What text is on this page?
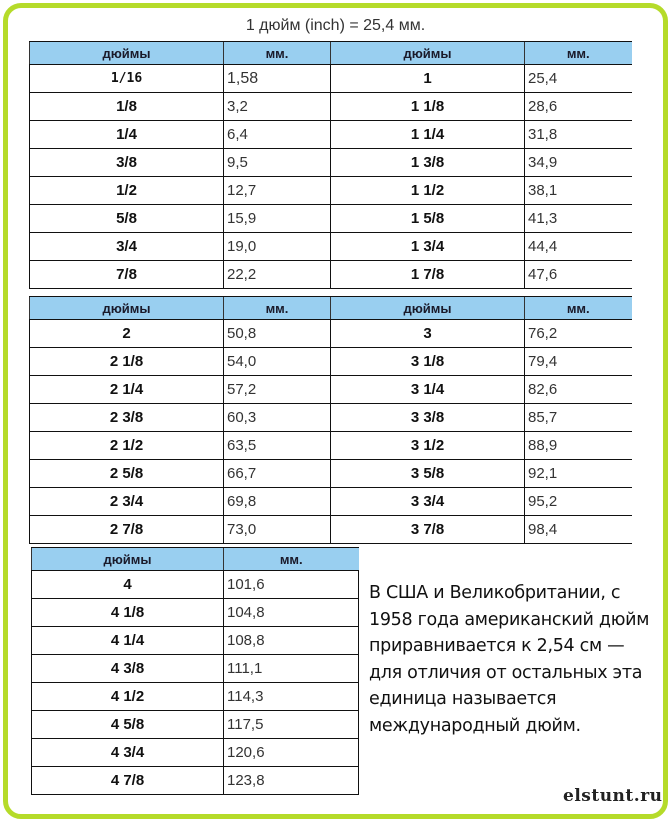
1 дюйм (inch) = 25,4 мм.
дюймы	мм.	дюймы	мм.
1/16	1,58	1	25,4
1/8	3,2	1 1/8	28,6
1/4	6,4	1 1/4	31,8
3/8	9,5	1 3/8	34,9
1/2	12,7	1 1/2	38,1
5/8	15,9	1 5/8	41,3
3/4	19,0	1 3/4	44,4
7/8	22,2	1 7/8	47,6
дюймы	мм.	дюймы	мм.
2	50,8	3	76,2
2 1/8	54,0	3 1/8	79,4
2 1/4	57,2	3 1/4	82,6
2 3/8	60,3	3 3/8	85,7
2 1/2	63,5	3 1/2	88,9
2 5/8	66,7	3 5/8	92,1
2 3/4	69,8	3 3/4	95,2
2 7/8	73,0	3 7/8	98,4
дюймы	мм.
4	101,6
4 1/8	104,8
4 1/4	108,8
4 3/8	111,1
4 1/2	114,3
4 5/8	117,5
4 3/4	120,6
4 7/8	123,8
В США и Великобритании, с
1958 года американский дюйм
приравнивается к 2,54 см —
для отличия от остальных эта
единица называется
международный дюйм.
elstunt.ru
